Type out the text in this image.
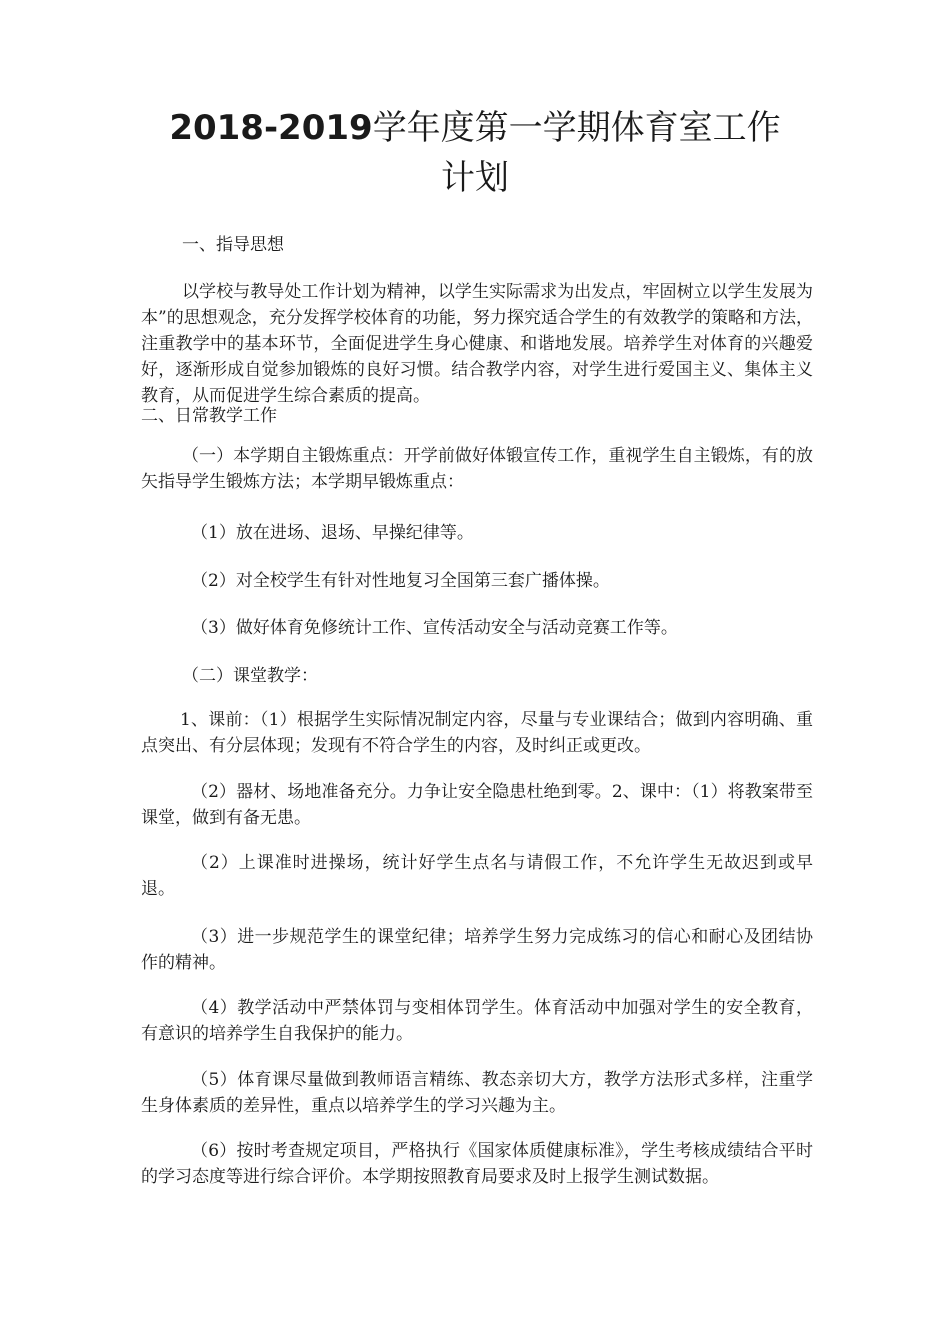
2018-2019学年度第一学期体育室工作
计划
一、指导思想
以学校与教导处工作计划为精神，以学生实际需求为出发点，牢固树立以学生发展为本”的思想观念，充分发挥学校体育的功能，努力探究适合学生的有效教学的策略和方法，注重教学中的基本环节，全面促进学生身心健康、和谐地发展。培养学生对体育的兴趣爱好，逐渐形成自觉参加锻炼的良好习惯。结合教学内容，对学生进行爱国主义、集体主义教育，从而促进学生综合素质的提高。
二、日常教学工作
（一）本学期自主锻炼重点：开学前做好体锻宣传工作，重视学生自主锻炼，有的放矢指导学生锻炼方法；本学期早锻炼重点：
（1）放在进场、退场、早操纪律等。
（2）对全校学生有针对性地复习全国第三套广播体操。
（3）做好体育免修统计工作、宣传活动安全与活动竞赛工作等。
（二）课堂教学：
1、课前：（1）根据学生实际情况制定内容，尽量与专业课结合；做到内容明确、重点突出、有分层体现；发现有不符合学生的内容，及时纠正或更改。
（2）器材、场地准备充分。力争让安全隐患杜绝到零。2、课中：（1）将教案带至课堂，做到有备无患。
（2）上课准时进操场，统计好学生点名与请假工作，不允许学生无故迟到或早退。
（3）进一步规范学生的课堂纪律；培养学生努力完成练习的信心和耐心及团结协作的精神。
（4）教学活动中严禁体罚与变相体罚学生。体育活动中加强对学生的安全教育，有意识的培养学生自我保护的能力。
（5）体育课尽量做到教师语言精练、教态亲切大方，教学方法形式多样，注重学生身体素质的差异性，重点以培养学生的学习兴趣为主。
（6）按时考查规定项目，严格执行《国家体质健康标准》，学生考核成绩结合平时的学习态度等进行综合评价。本学期按照教育局要求及时上报学生测试数据。
